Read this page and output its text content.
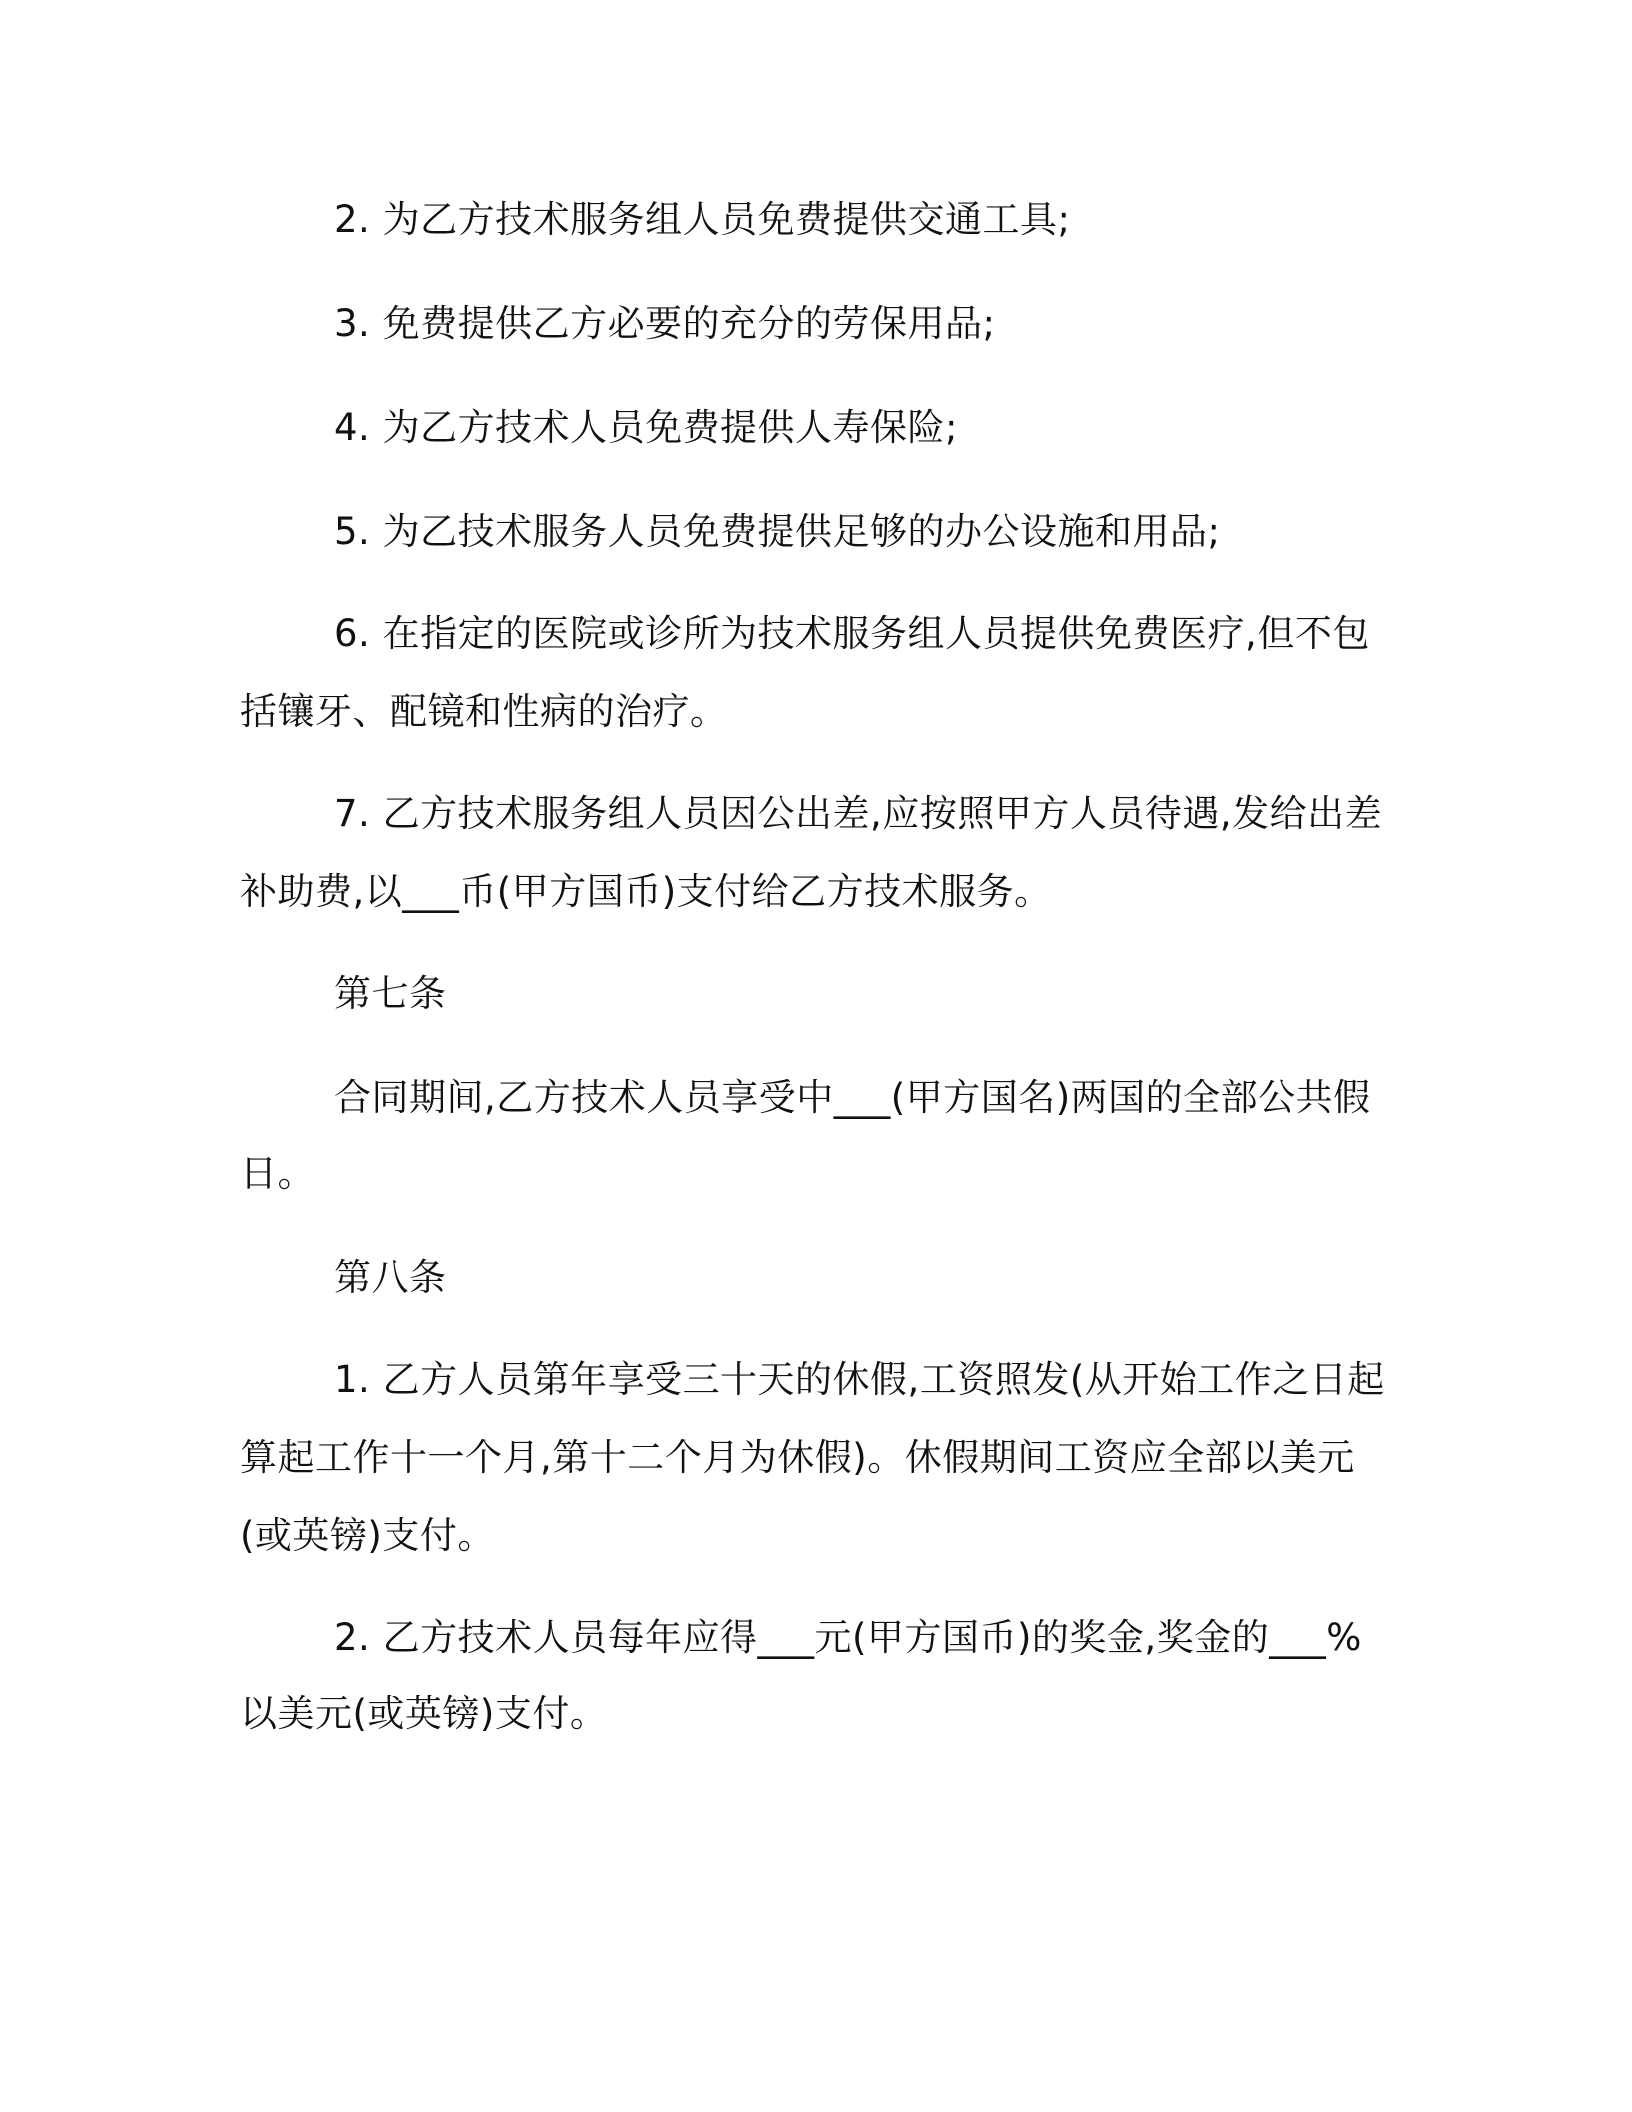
2. 为乙方技术服务组人员免费提供交通工具;
3. 免费提供乙方必要的充分的劳保用品;
4. 为乙方技术人员免费提供人寿保险;
5. 为乙技术服务人员免费提供足够的办公设施和用品;
6. 在指定的医院或诊所为技术服务组人员提供免费医疗,但不包
括镶牙、配镜和性病的治疗。
7. 乙方技术服务组人员因公出差,应按照甲方人员待遇,发给出差
补助费,以___币(甲方国币)支付给乙方技术服务。
第七条
合同期间,乙方技术人员享受中___(甲方国名)两国的全部公共假
日。
第八条
1. 乙方人员第年享受三十天的休假,工资照发(从开始工作之日起
算起工作十一个月,第十二个月为休假)。休假期间工资应全部以美元
(或英镑)支付。
2. 乙方技术人员每年应得___元(甲方国币)的奖金,奖金的___%
以美元(或英镑)支付。
